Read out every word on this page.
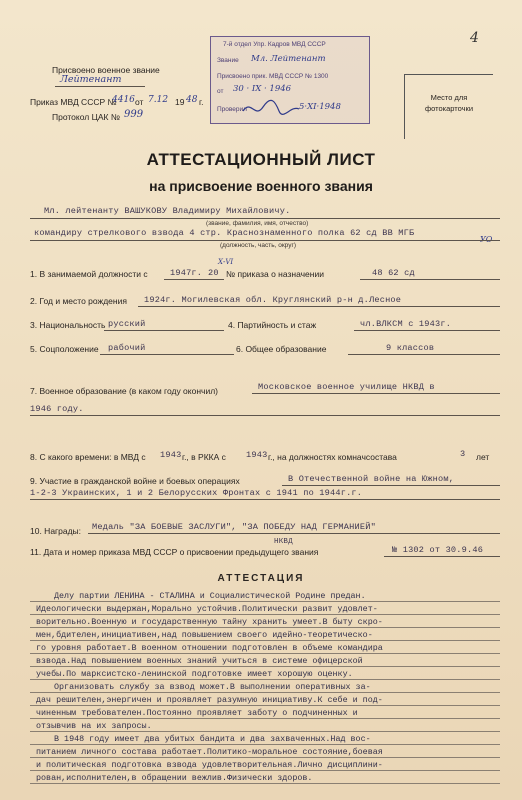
4
Присвоено военное звание
Лейтенант
Приказ МВД СССР №
4416 от 7.12 19 48 г.
Протокол ЦАК № 999
7-й отдел Упр. Кадров МВД СССР
Звание Мл. Лейтенант
Присвоено прик. МВД СССР № 1300
от 30 · IX · 1946
Проверил	5·XI·1948
Место для фотокарточки
АТТЕСТАЦИОННЫЙ ЛИСТ
на присвоение военного звания
Мл. лейтенанту ВАШУКОВУ Владимиру Михайловичу.
(звание, фамилия, имя, отчество)
командиру стрелкового взвода 4 стр. Краснознаменного полка 62 сд ВВ МГБ
УО
(должность, часть, округ)
Х-VI
1. В занимаемой должности с	1947г. 20 № приказа о назначении	48 62 сд
2. Год и место рождения 1924г. Могилевская обл. Круглянский р-н д.Лесное
3. Национальность русский	4. Партийность и стаж	чл.ВЛКСМ с 1943г.
5. Соцположение рабочий	6. Общее образование	9 классов
7. Военное образование (в каком году окончил)	Московское военное училище НКВД в
1946 году.
8. С какого времени: в МВД с 1943 г., в РККА с 1943 г., на должностях комначсостава	3 лет
9. Участие в гражданской войне и боевых операциях	В Отечественной войне на Южном,
1-2-3 Украинских, 1 и 2 Белорусских Фронтах с 1941 по 1944г.г.
10. Награды: Медаль "ЗА БОЕВЫЕ ЗАСЛУГИ", "ЗА ПОБЕДУ НАД ГЕРМАНИЕЙ"
НКВД
11. Дата и номер приказа МВД СССР о присвоении предыдущего звания	№ 1302 от 30.9.46
АТТЕСТАЦИЯ
Делу партии ЛЕНИНА - СТАЛИНА и Социалистической Родине предан.
Идеологически выдержан,Морально устойчив.Политически развит удовлет-
ворительно.Военную и государственную тайну хранить умеет.В быту скро-
мен,бдителен,инициативен,над повышением своего идейно-теоретическо-
го уровня работает.В военном отношении подготовлен в объеме командира
взвода.Над повышением военных знаний учиться в системе офицерской
учебы.По марксистско-ленинской подготовке имеет хорошую оценку.
Организовать службу за взвод может.В выполнении оперативных за-
дач решителен,энергичен и проявляет разумную инициативу.К себе и под-
чиненным требователен.Постоянно проявляет заботу о подчиненных и
отзывчив на их запросы.
В 1948 году имеет два убитых бандита и два захваченных.Над вос-
питанием личного состава работает.Политико-моральное состояние,боевая
и политическая подготовка взвода удовлетворительная.Лично дисциплини-
рован,исполнителен,в обращении вежлив.Физически здоров.
